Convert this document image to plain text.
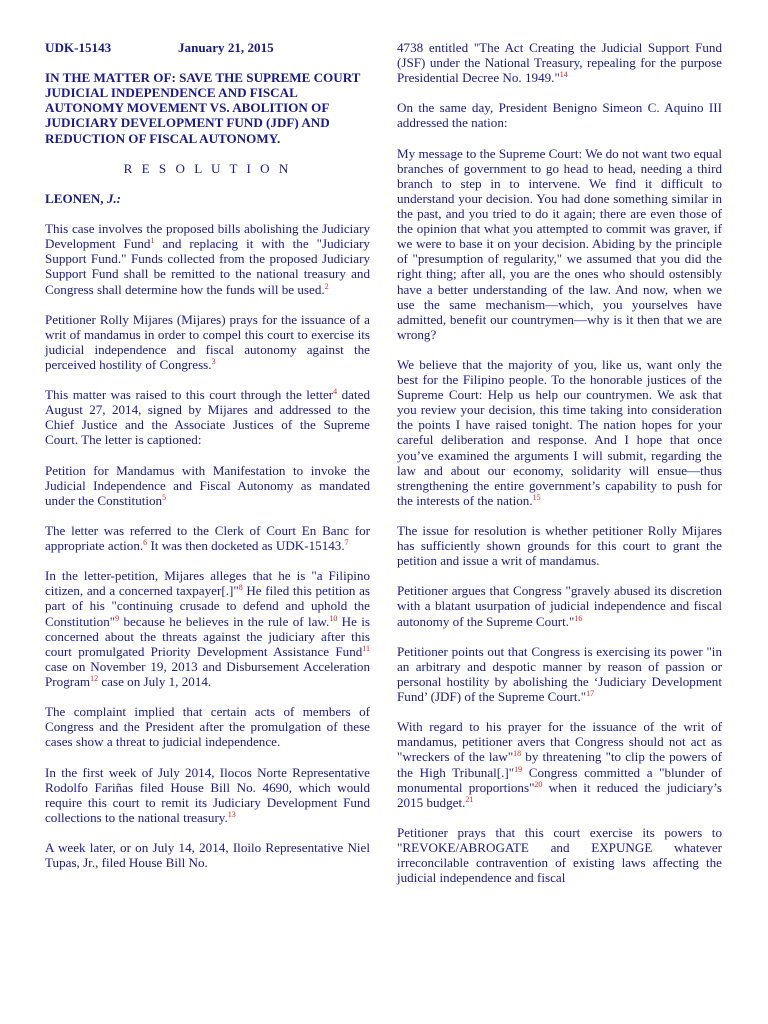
UDK-15143	January 21, 2015

IN THE MATTER OF: SAVE THE SUPREME COURT JUDICIAL INDEPENDENCE AND FISCAL AUTONOMY MOVEMENT VS. ABOLITION OF JUDICIARY DEVELOPMENT FUND (JDF) AND REDUCTION OF FISCAL AUTONOMY.

R E S O L U T I O N

LEONEN, J.:

This case involves the proposed bills abolishing the Judiciary Development Fund$^1$ and replacing it with the "Judiciary Support Fund." Funds collected from the proposed Judiciary Support Fund shall be remitted to the national treasury and Congress shall determine how the funds will be used.$^2$

Petitioner Rolly Mijares (Mijares) prays for the issuance of a writ of mandamus in order to compel this court to exercise its judicial independence and fiscal autonomy against the perceived hostility of Congress.$^3$

This matter was raised to this court through the letter$^4$ dated August 27, 2014, signed by Mijares and addressed to the Chief Justice and the Associate Justices of the Supreme Court. The letter is captioned:

Petition for Mandamus with Manifestation to invoke the Judicial Independence and Fiscal Autonomy as mandated under the Constitution$^5$

The letter was referred to the Clerk of Court En Banc for appropriate action.$^6$ It was then docketed as UDK-15143.$^7$

In the letter-petition, Mijares alleges that he is "a Filipino citizen, and a concerned taxpayer[.]"$^8$ He filed this petition as part of his "continuing crusade to defend and uphold the Constitution"$^9$ because he believes in the rule of law.$^{10}$ He is concerned about the threats against the judiciary after this court promulgated Priority Development Assistance Fund$^{11}$ case on November 19, 2013 and Disbursement Acceleration Program$^{12}$ case on July 1, 2014.

The complaint implied that certain acts of members of Congress and the President after the promulgation of these cases show a threat to judicial independence.

In the first week of July 2014, Ilocos Norte Representative Rodolfo Fariñas filed House Bill No. 4690, which would require this court to remit its Judiciary Development Fund collections to the national treasury.$^{13}$

A week later, or on July 14, 2014, Iloilo Representative Niel Tupas, Jr., filed House Bill No.

4738 entitled "The Act Creating the Judicial Support Fund (JSF) under the National Treasury, repealing for the purpose Presidential Decree No. 1949."$^{14}$

On the same day, President Benigno Simeon C. Aquino III addressed the nation:

My message to the Supreme Court: We do not want two equal branches of government to go head to head, needing a third branch to step in to intervene. We find it difficult to understand your decision. You had done something similar in the past, and you tried to do it again; there are even those of the opinion that what you attempted to commit was graver, if we were to base it on your decision. Abiding by the principle of "presumption of regularity," we assumed that you did the right thing; after all, you are the ones who should ostensibly have a better understanding of the law. And now, when we use the same mechanism—which, you yourselves have admitted, benefit our countrymen—why is it then that we are wrong?

We believe that the majority of you, like us, want only the best for the Filipino people. To the honorable justices of the Supreme Court: Help us help our countrymen. We ask that you review your decision, this time taking into consideration the points I have raised tonight. The nation hopes for your careful deliberation and response. And I hope that once you’ve examined the arguments I will submit, regarding the law and about our economy, solidarity will ensue—thus strengthening the entire government’s capability to push for the interests of the nation.$^{15}$

The issue for resolution is whether petitioner Rolly Mijares has sufficiently shown grounds for this court to grant the petition and issue a writ of mandamus.

Petitioner argues that Congress "gravely abused its discretion with a blatant usurpation of judicial independence and fiscal autonomy of the Supreme Court."$^{16}$

Petitioner points out that Congress is exercising its power "in an arbitrary and despotic manner by reason of passion or personal hostility by abolishing the ‘Judiciary Development Fund’ (JDF) of the Supreme Court."$^{17}$

With regard to his prayer for the issuance of the writ of mandamus, petitioner avers that Congress should not act as "wreckers of the law"$^{18}$ by threatening "to clip the powers of the High Tribunal[.]"$^{19}$ Congress committed a "blunder of monumental proportions"$^{20}$ when it reduced the judiciary’s 2015 budget.$^{21}$

Petitioner prays that this court exercise its powers to "REVOKE/ABROGATE and EXPUNGE whatever irreconcilable contravention of existing laws affecting the judicial independence and fiscal
